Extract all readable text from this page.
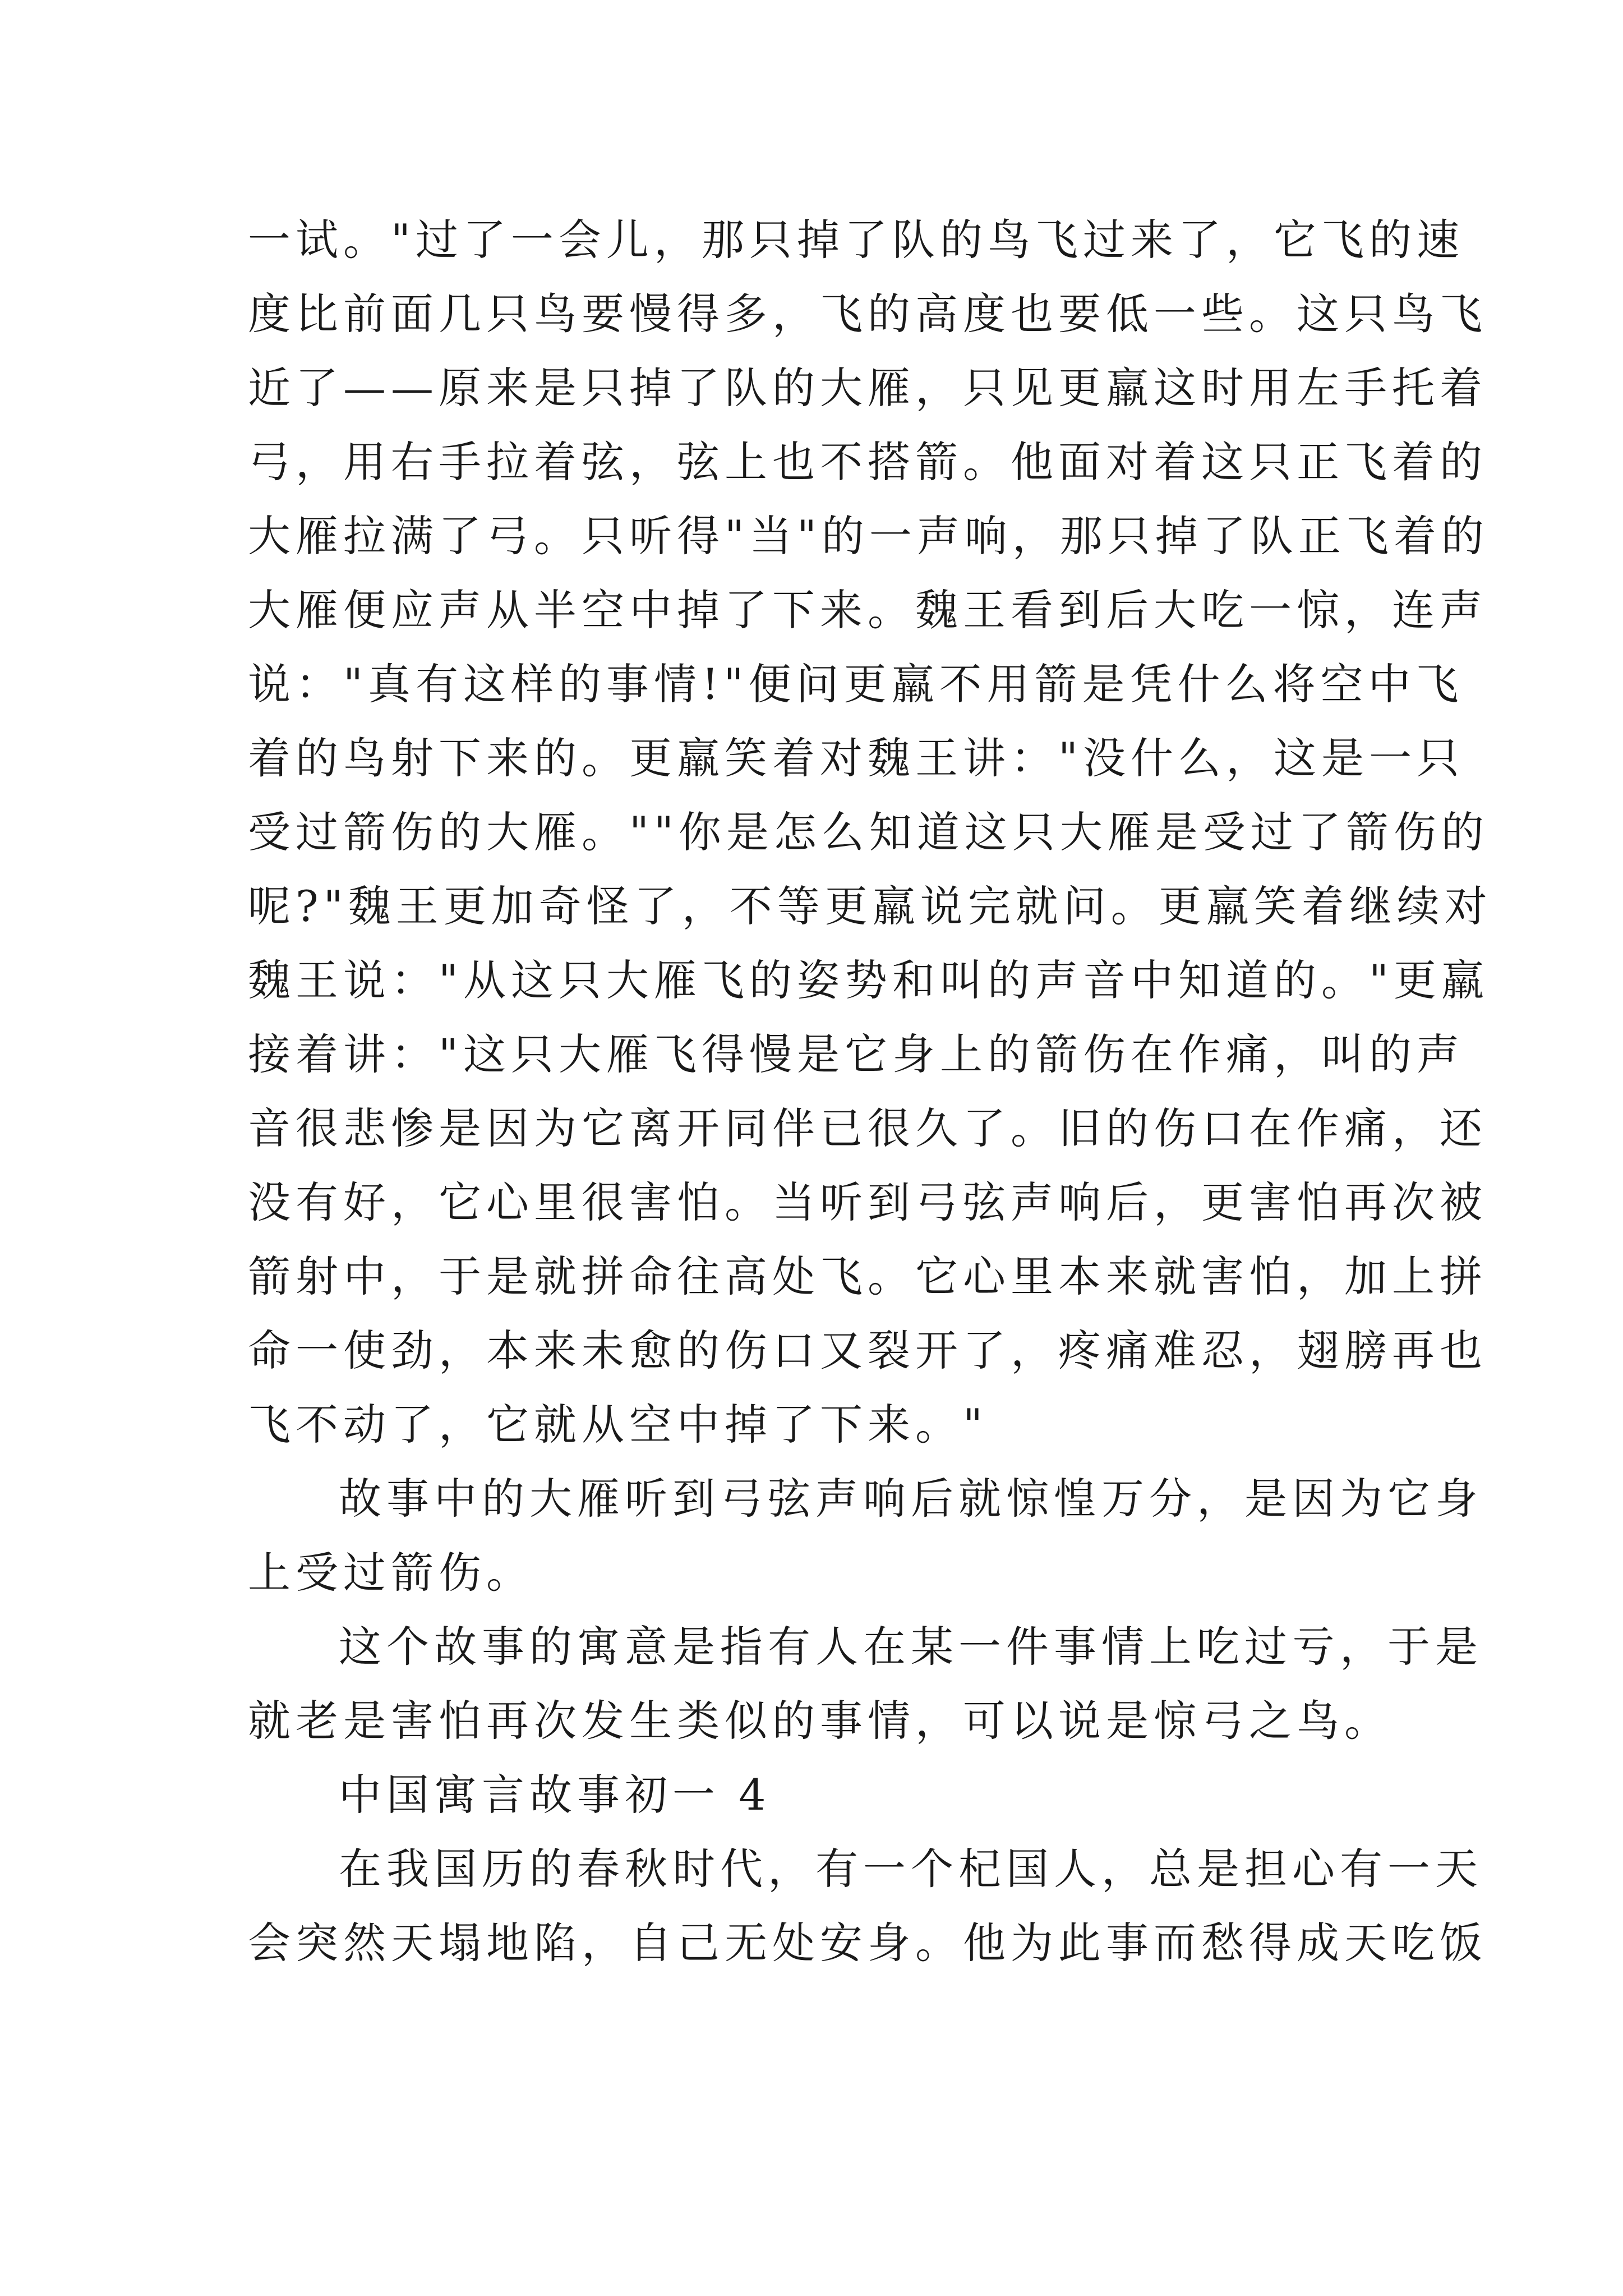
一试。"过了一会儿，那只掉了队的鸟飞过来了，它飞的速
度比前面几只鸟要慢得多，飞的高度也要低一些。这只鸟飞
近了——原来是只掉了队的大雁，只见更羸这时用左手托着
弓，用右手拉着弦，弦上也不搭箭。他面对着这只正飞着的
大雁拉满了弓。只听得"当"的一声响，那只掉了队正飞着的
大雁便应声从半空中掉了下来。魏王看到后大吃一惊，连声
说："真有这样的事情!"便问更羸不用箭是凭什么将空中飞
着的鸟射下来的。更羸笑着对魏王讲："没什么，这是一只
受过箭伤的大雁。""你是怎么知道这只大雁是受过了箭伤的
呢?"魏王更加奇怪了，不等更羸说完就问。更羸笑着继续对
魏王说："从这只大雁飞的姿势和叫的声音中知道的。"更羸
接着讲："这只大雁飞得慢是它身上的箭伤在作痛，叫的声
音很悲惨是因为它离开同伴已很久了。旧的伤口在作痛，还
没有好，它心里很害怕。当听到弓弦声响后，更害怕再次被
箭射中，于是就拼命往高处飞。它心里本来就害怕，加上拼
命一使劲，本来未愈的伤口又裂开了，疼痛难忍，翅膀再也
飞不动了，它就从空中掉了下来。"
故事中的大雁听到弓弦声响后就惊惶万分，是因为它身
上受过箭伤。
这个故事的寓意是指有人在某一件事情上吃过亏，于是
就老是害怕再次发生类似的事情，可以说是惊弓之鸟。
中国寓言故事初一 4
在我国历的春秋时代，有一个杞国人，总是担心有一天
会突然天塌地陷，自己无处安身。他为此事而愁得成天吃饭
